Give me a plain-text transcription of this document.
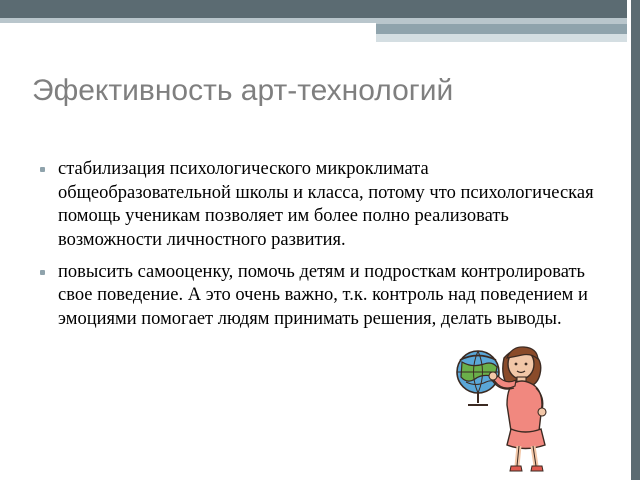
Эфективность арт-технологий
стабилизация психологического микроклимата общеобразовательной школы и класса, потому что психологическая помощь ученикам позволяет им более полно реализовать возможности личностного развития.
повысить самооценку, помочь детям и подросткам контролировать свое поведение. А это очень важно, т.к. контроль над поведением и эмоциями помогает людям принимать решения, делать выводы.
